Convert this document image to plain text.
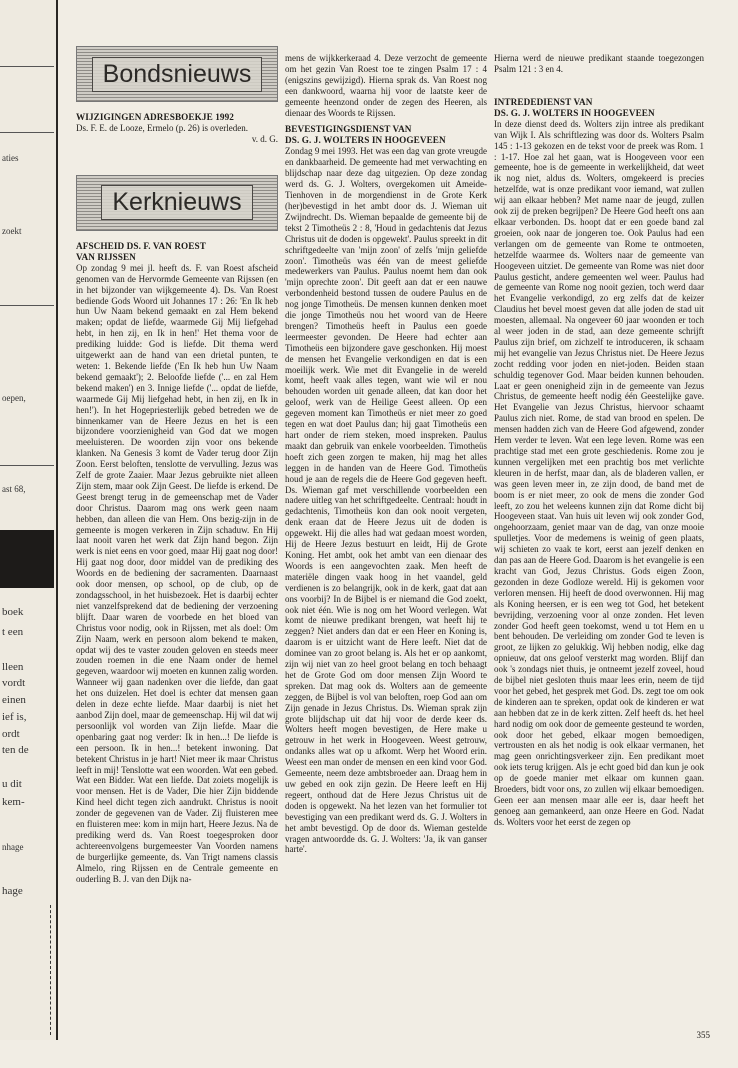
aties
zoekt
oepen,
ast 68,
boek
t een
lleen
vordt
einen
ief is,
ordt
ten de
u dit
kem-
nhage
hage
Bondsnieuws
WIJZIGINGEN ADRESBOEKJE 1992

Ds. F. E. de Looze, Ermelo (p. 26) is overleden.

v. d. G.
Kerknieuws
AFSCHEID DS. F. VAN ROEST
VAN RIJSSEN

Op zondag 9 mei jl. heeft ds. F. van Roest afscheid genomen van de Hervormde Gemeente van Rijssen (en in het bijzonder van wijkgemeente 4). Ds. Van Roest bediende Gods Woord uit Johannes 17 : 26: 'En Ik heb hun Uw Naam bekend gemaakt en zal Hem bekend maken; opdat de liefde, waarmede Gij Mij liefgehad hebt, in hen zij, en Ik in hen!' Het thema voor de prediking luidde: God is liefde. Dit thema werd uitgewerkt aan de hand van een drietal punten, te weten: 1. Bekende liefde ('En Ik heb hun Uw Naam bekend gemaakt'); 2. Beloofde liefde ('... en zal Hem bekend maken') en 3. Innige liefde ('... opdat de liefde, waarmede Gij Mij liefgehad hebt, in hen zij, en Ik in hen!'). In het Hogepriesterlijk gebed betreden we de binnenkamer van de Heere Jezus en het is een bijzondere voorzienigheid van God dat we mogen meeluisteren. De woorden zijn voor ons bekende klanken. Na Genesis 3 komt de Vader terug door Zijn Zoon. Eerst beloften, tenslotte de vervulling. Jezus was Zelf de grote Zaaier. Maar Jezus gebruikte niet alleen Zijn stem, maar ook Zijn Geest. De liefde is erkend. De Geest brengt terug in de gemeenschap met de Vader door Christus. Daarom mag ons werk geen naam hebben, dan alleen die van Hem. Ons bezig-zijn in de gemeente is mogen verkeren in Zijn schaduw. En Hij laat nooit varen het werk dat Zijn hand begon. Zijn werk is niet eens en voor goed, maar Hij gaat nog door! Hij gaat nog door, door middel van de prediking des Woords en de bediening der sacramenten. Daarnaast ook door mensen, op school, op de club, op de zondagsschool, in het huisbezoek. Het is daarbij echter niet vanzelfsprekend dat de bediening der verzoening blijft. Daar waren de voorbede en het bloed van Christus voor nodig, ook in Rijssen, met als doel: Om Zijn Naam, werk en persoon alom bekend te maken, opdat wij des te vaster zouden geloven en steeds meer zouden roemen in die ene Naam onder de hemel gegeven, waardoor wij moeten en kunnen zalig worden. Wanneer wij gaan nadenken over die liefde, dan gaat het ons duizelen. Het doel is echter dat mensen gaan delen in deze echte liefde. Maar daarbij is niet het aanbod Zijn doel, maar de gemeenschap. Hij wil dat wij persoonlijk vol worden van Zijn liefde. Maar die openbaring gaat nog verder: Ik in hen...! De liefde is een persoon. Ik in hen...! betekent inwoning. Dat betekent Christus in je hart! Niet meer ik maar Christus leeft in mij! Tenslotte wat een woorden. Wat een gebed. Wat een Bidder. Wat een liefde. Dat zoiets mogelijk is voor mensen. Het is de Vader, Die hier Zijn biddende Kind heel dicht tegen zich aandrukt. Christus is nooit zonder de gegevenen van de Vader. Zij fluisteren mee en fluisteren mee: kom in mijn hart, Heere Jezus. Na de prediking werd ds. Van Roest toegesproken door achtereenvolgens burgemeester Van Voorden namens de burgerlijke gemeente, ds. Van Trigt namens classis Almelo, ring Rijssen en de Centrale gemeente en ouderling B. J. van den Dijk na-

mens de wijkkerkeraad 4. Deze verzocht de gemeente om het gezin Van Roest toe te zingen Psalm 17 : 4 (enigszins gewijzigd). Hierna sprak ds. Van Roest nog een dankwoord, waarna hij voor de laatste keer de gemeente heenzond onder de zegen des Heeren, als dienaar des Woords te Rijssen.

BEVESTIGINGSDIENST VAN
DS. G. J. WOLTERS IN HOOGEVEEN

Zondag 9 mei 1993. Het was een dag van grote vreugde en dankbaarheid. De gemeente had met verwachting en blijdschap naar deze dag uitgezien. Op deze zondag werd ds. G. J. Wolters, overgekomen uit Ameide-Tienhoven in de morgendienst in de Grote Kerk (her)bevestigd in het ambt door ds. J. Wieman uit Zwijndrecht. Ds. Wieman bepaalde de gemeente bij de tekst 2 Timotheüs 2 : 8, 'Houd in gedachtenis dat Jezus Christus uit de doden is opgewekt'. Paulus spreekt in dit schriftgedeelte van 'mijn zoon' of zelfs 'mijn geliefde zoon'. Timotheüs was één van de meest geliefde medewerkers van Paulus. Paulus noemt hem dan ook 'mijn oprechte zoon'. Dit geeft aan dat er een nauwe verbondenheid bestond tussen de oudere Paulus en de nog jonge Timotheüs. De mensen kunnen denken moet die jonge Timotheüs nou het woord van de Heere brengen? Timotheüs heeft in Paulus een goede leermeester gevonden. De Heere had echter aan Timotheüs een bijzondere gave geschonken. Hij moest de mensen het Evangelie verkondigen en dat is een moeilijk werk. Wie met dit Evangelie in de wereld komt, heeft vaak alles tegen, want wie wil er nou behouden worden uit genade alleen, dat kan door het geloof, werk van de Heilige Geest alleen. Op een gegeven moment kan Timotheüs er niet meer zo goed tegen en wat doet Paulus dan; hij gaat Timotheüs een hart onder de riem steken, moed inspreken. Paulus maakt dan gebruik van enkele voorbeelden. Timotheüs hoeft zich geen zorgen te maken, hij mag het alles leggen in de handen van de Heere God. Timotheüs houd je aan de regels die de Heere God gegeven heeft. Ds. Wieman gaf met verschillende voorbeelden een nadere uitleg van het schriftgedeelte. Centraal: houdt in gedachtenis, Timotheüs kon dan ook nooit vergeten, denk eraan dat de Heere Jezus uit de doden is opgewekt. Hij die alles had wat gedaan moest worden, Hij de Heere Jezus bestuurt en leidt, Hij de Grote Koning. Het ambt, ook het ambt van een dienaar des Woords is een aangevochten zaak. Men heeft de materiële dingen vaak hoog in het vaandel, geld verdienen is zo belangrijk, ook in de kerk, gaat dat aan ons voorbij? In de Bijbel is er niemand die God zoekt, ook niet één. Wie is nog om het Woord verlegen. Wat komt de nieuwe predikant brengen, wat heeft hij te zeggen? Niet anders dan dat er een Heer en Koning is, daarom is er uitzicht want de Here leeft. Niet dat de dominee van zo groot belang is. Als het er op aankomt, zijn wij niet van zo heel groot belang en toch behaagt het de Grote God om door mensen Zijn Woord te spreken. Dat mag ook ds. Wolters aan de gemeente zeggen, de Bijbel is vol van beloften, roep God aan om Zijn genade in Jezus Christus. Ds. Wieman sprak zijn grote blijdschap uit dat hij voor de derde keer ds. Wolters heeft mogen bevestigen, de Here make u getrouw in het werk in Hoogeveen. Weest getrouw, ondanks alles wat op u afkomt. Werp het Woord erin. Weest een man onder de mensen en een kind voor God. Gemeente, neem deze ambtsbroeder aan. Draag hem in uw gebed en ook zijn gezin. De Heere leeft en Hij regeert, onthoud dat de Here Jezus Christus uit de doden is opgewekt. Na het lezen van het formulier tot bevestiging van een predikant werd ds. G. J. Wolters in het ambt bevestigd. Op de door ds. Wieman gestelde vragen antwoordde ds. G. J. Wolters: 'Ja, ik van ganser harte'.

Hierna werd de nieuwe predikant staande toegezongen Psalm 121 : 3 en 4.

INTREDEDIENST VAN
DS. G. J. WOLTERS IN HOOGEVEEN

In deze dienst deed ds. Wolters zijn intree als predikant van Wijk I. Als schriftlezing was door ds. Wolters Psalm 145 : 1-13 gekozen en de tekst voor de preek was Rom. 1 : 1-17. Hoe zal het gaan, wat is Hoogeveen voor een gemeente, hoe is de gemeente in werkelijkheid, dat weet ik nog niet, aldus ds. Wolters, omgekeerd is precies hetzelfde, wat is onze predikant voor iemand, wat zullen wij aan elkaar hebben? Met name naar de jeugd, zullen ook zij de preken begrijpen? De Heere God heeft ons aan elkaar verbonden. Ds. hoopt dat er een goede band zal groeien, ook naar de jongeren toe. Ook Paulus had een verlangen om de gemeente van Rome te ontmoeten, hetzelfde waarmee ds. Wolters naar de gemeente van Hoogeveen uitziet. De gemeente van Rome was niet door Paulus gesticht, andere gemeenten wel weer. Paulus had de gemeente van Rome nog nooit gezien, toch werd daar het Evangelie verkondigd, zo erg zelfs dat de keizer Claudius het bevel moest geven dat alle joden de stad uit moesten, allemaal. Na ongeveer 60 jaar woonden er toch al weer joden in de stad, aan deze gemeente schrijft Paulus zijn brief, om zichzelf te introduceren, ik schaam mij het evangelie van Jezus Christus niet. De Heere Jezus zocht redding voor joden en niet-joden. Beiden staan schuldig tegenover God. Maar beiden kunnen behouden. Laat er geen onenigheid zijn in de gemeente van Jezus Christus, de gemeente heeft nodig één Geestelijke gave. Het Evangelie van Jezus Christus, hiervoor schaamt Paulus zich niet. Rome, de stad van brood en spelen. De mensen hadden zich van de Heere God afgewend, zonder Hem verder te leven. Wat een lege leven. Rome was een prachtige stad met een grote geschiedenis. Rome zou je kunnen vergelijken met een prachtig bos met verlichte kleuren in de herfst, maar dan, als de bladeren vallen, er was geen leven meer in, ze zijn dood, de band met de boom is er niet meer, zo ook de mens die zonder God leeft, zo zou het weleens kunnen zijn dat Rome dicht bij Hoogeveen staat. Van huis uit leven wij ook zonder God, ongehoorzaam, geniet maar van de dag, van onze mooie spulletjes. Voor de medemens is weinig of geen plaats, wij schieten zo vaak te kort, eerst aan jezelf denken en dan pas aan de Heere God. Daarom is het evangelie is een kracht van God, Jezus Christus. Gods eigen Zoon, gezonden in deze Godloze wereld. Hij is gekomen voor verloren mensen. Hij heeft de dood overwonnen. Hij mag als Koning heersen, er is een weg tot God, het betekent bevrijding, verzoening voor al onze zonden. Het leven zonder God heeft geen toekomst, wend u tot Hem en u bent behouden. De verleiding om zonder God te leven is groot, ze lijken zo gelukkig. Wij hebben nodig, elke dag opnieuw, dat ons geloof versterkt mag worden. Blijf dan ook 's zondags niet thuis, je ontneemt jezelf zoveel, houd de bijbel niet gesloten thuis maar lees erin, neem de tijd voor het gebed, het gesprek met God. Ds. zegt toe om ook de kinderen aan te spreken, opdat ook de kinderen er wat aan hebben dat ze in de kerk zitten. Zelf heeft ds. het heel hard nodig om ook door de gemeente gesteund te worden, ook door het gebed, elkaar mogen bemoedigen, vertrousten en als het nodig is ook elkaar vermanen, het mag geen onrichtingsverkeer zijn. Een predikant moet ook iets terug krijgen. Als je echt goed bid dan kun je ook op de goede manier met elkaar om kunnen gaan. Broeders, bidt voor ons, zo zullen wij elkaar bemoedigen. Geen eer aan mensen maar alle eer is, daar heeft het genoeg aan gemankeerd, aan onze Heere en God. Nadat ds. Wolters voor het eerst de zegen op

355
